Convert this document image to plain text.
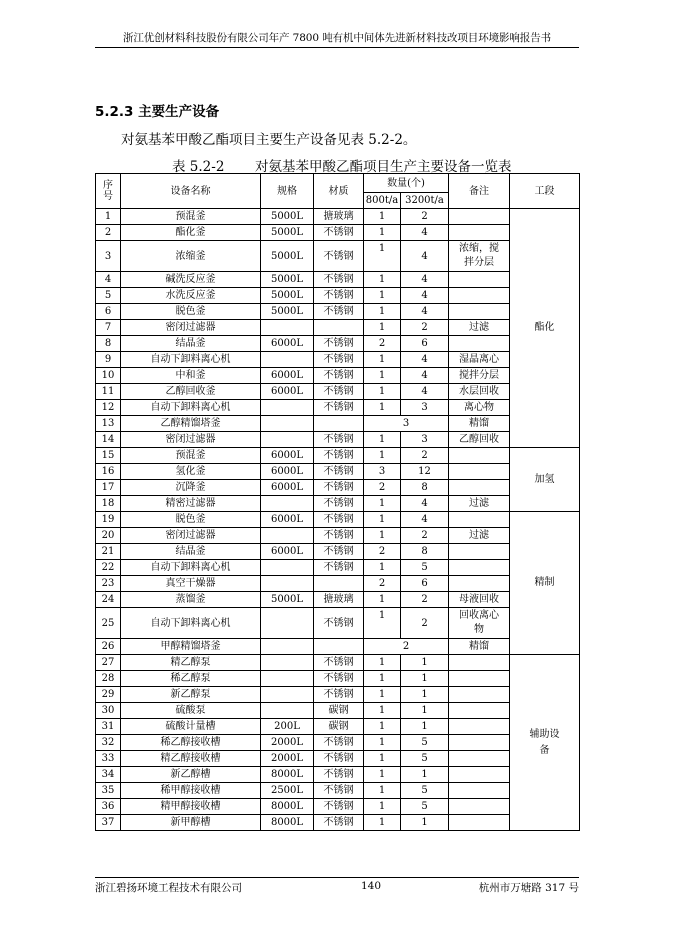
浙江优创材料科技股份有限公司年产 7800 吨有机中间体先进新材料技改项目环境影响报告书
5.2.3 主要生产设备
对氨基苯甲酸乙酯项目主要生产设备见表 5.2-2。
表 5.2-2 对氨基苯甲酸乙酯项目生产主要设备一览表
序
号	设备名称	规格	材质	数量(个)		备注	工段
				800t/a	3200t/a		
1	预混釜	5000L	搪玻璃	1	2		酯化
2	酯化釜	5000L	不锈钢	1	4		
3	浓缩釜	5000L	不锈钢	1	4	浓缩，搅
拌分层	
4	碱洗反应釜	5000L	不锈钢	1	4		
5	水洗反应釜	5000L	不锈钢	1	4		
6	脱色釜	5000L	不锈钢	1	4		
7	密闭过滤器			1	2	过滤	
8	结晶釜	6000L	不锈钢	2	6		
9	自动下卸料离心机		不锈钢	1	4	湿晶离心	
10	中和釜	6000L	不锈钢	1	4	搅拌分层	
11	乙醇回收釜	6000L	不锈钢	1	4	水层回收	
12	自动下卸料离心机		不锈钢	1	3	离心物	
13	乙醇精馏塔釜			3		精馏	
14	密闭过滤器		不锈钢	1	3	乙醇回收	
15	预混釜	6000L	不锈钢	1	2		加氢
16	氢化釜	6000L	不锈钢	3	12		
17	沉降釜	6000L	不锈钢	2	8		
18	精密过滤器		不锈钢	1	4	过滤	
19	脱色釜	6000L	不锈钢	1	4		精制
20	密闭过滤器		不锈钢	1	2	过滤	
21	结晶釜	6000L	不锈钢	2	8		
22	自动下卸料离心机		不锈钢	1	5		
23	真空干燥器			2	6		
24	蒸馏釜	5000L	搪玻璃	1	2	母液回收	
25	自动下卸料离心机		不锈钢	1	2	回收离心
物	
26	甲醇精馏塔釜			2		精馏	
27	精乙醇泵		不锈钢	1	1		辅助设
备
28	稀乙醇泵		不锈钢	1	1		
29	新乙醇泵		不锈钢	1	1		
30	硫酸泵		碳钢	1	1		
31	硫酸计量槽	200L	碳钢	1	1		
32	稀乙醇接收槽	2000L	不锈钢	1	5		
33	精乙醇接收槽	2000L	不锈钢	1	5		
34	新乙醇槽	8000L	不锈钢	1	1		
35	稀甲醇接收槽	2500L	不锈钢	1	5		
36	精甲醇接收槽	8000L	不锈钢	1	5		
37	新甲醇槽	8000L	不锈钢	1	1		
浙江碧扬环境工程技术有限公司	140	杭州市万塘路 317 号
